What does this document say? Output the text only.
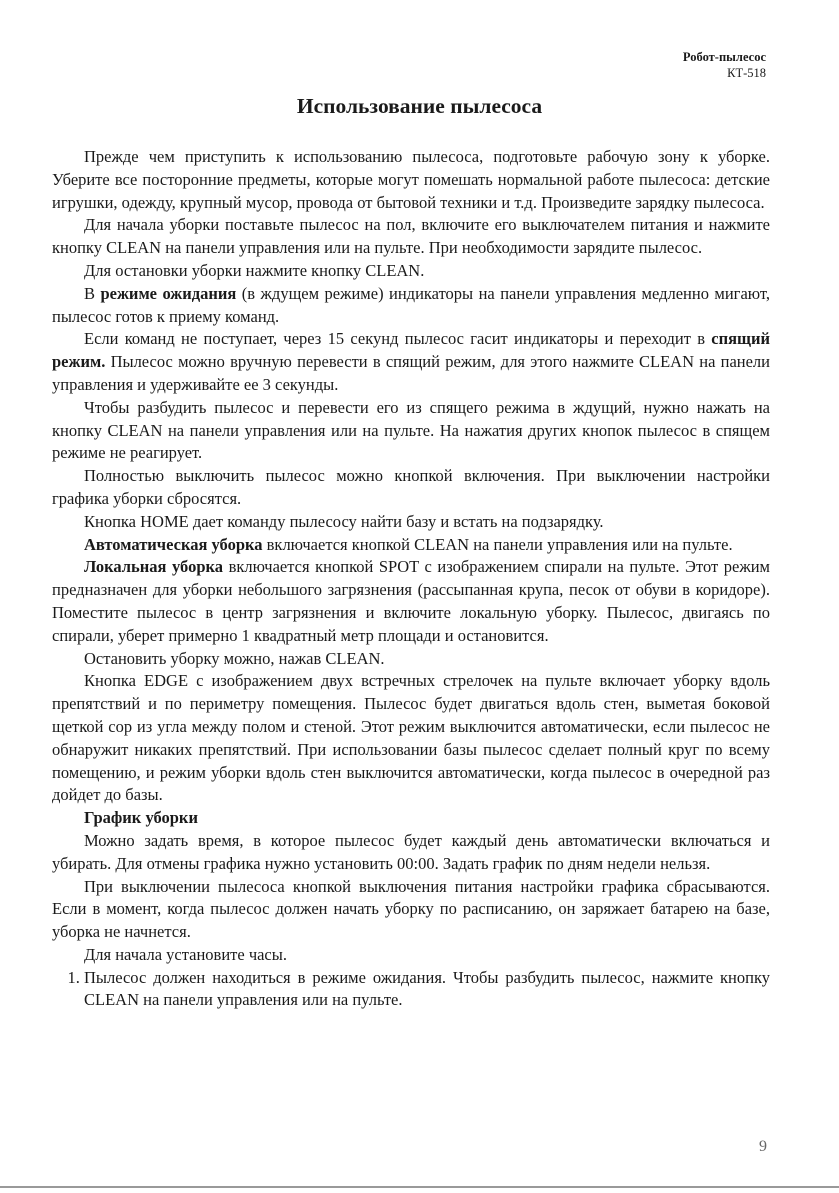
Робот-пылесос
КТ-518
Использование пылесоса

Прежде чем приступить к использованию пылесоса, подготовьте рабочую зону к уборке. Уберите все посторонние предметы, которые могут помешать нормальной работе пылесоса: детские игрушки, одежду, крупный мусор, провода от бытовой техники и т.д. Произведите зарядку пылесоса.

Для начала уборки поставьте пылесос на пол, включите его выключателем питания и нажмите кнопку CLEAN на панели управления или на пульте. При необходимости зарядите пылесос.

Для остановки уборки нажмите кнопку CLEAN.

В режиме ожидания (в ждущем режиме) индикаторы на панели управления медленно мигают, пылесос готов к приему команд.

Если команд не поступает, через 15 секунд пылесос гасит индикаторы и переходит в спящий режим. Пылесос можно вручную перевести в спящий режим, для этого нажмите CLEAN на панели управления и удерживайте ее 3 секунды.

Чтобы разбудить пылесос и перевести его из спящего режима в ждущий, нужно нажать на кнопку CLEAN на панели управления или на пульте. На нажатия других кнопок пылесос в спящем режиме не реагирует.

Полностью выключить пылесос можно кнопкой включения. При выключении настройки графика уборки сбросятся.

Кнопка HOME дает команду пылесосу найти базу и встать на подзарядку.

Автоматическая уборка включается кнопкой CLEAN на панели управления или на пульте.

Локальная уборка включается кнопкой SPOT с изображением спирали на пульте. Этот режим предназначен для уборки небольшого загрязнения (рассыпанная крупа, песок от обуви в коридоре). Поместите пылесос в центр загрязнения и включите локальную уборку. Пылесос, двигаясь по спирали, уберет примерно 1 квадратный метр площади и остановится.

Остановить уборку можно, нажав CLEAN.

Кнопка EDGE с изображением двух встречных стрелочек на пульте включает уборку вдоль препятствий и по периметру помещения. Пылесос будет двигаться вдоль стен, выметая боковой щеткой сор из угла между полом и стеной. Этот режим выключится автоматически, если пылесос не обнаружит никаких препятствий. При использовании базы пылесос сделает полный круг по всему помещению, и режим уборки вдоль стен выключится автоматически, когда пылесос в очередной раз дойдет до базы.

График уборки

Можно задать время, в которое пылесос будет каждый день автоматически включаться и убирать. Для отмены графика нужно установить 00:00. Задать график по дням недели нельзя.

При выключении пылесоса кнопкой выключения питания настройки графика сбрасываются. Если в момент, когда пылесос должен начать уборку по расписанию, он заряжает батарею на базе, уборка не начнется.

Для начала установите часы.

1. Пылесос должен находиться в режиме ожидания. Чтобы разбудить пылесос, нажмите кнопку CLEAN на панели управления или на пульте.
9
